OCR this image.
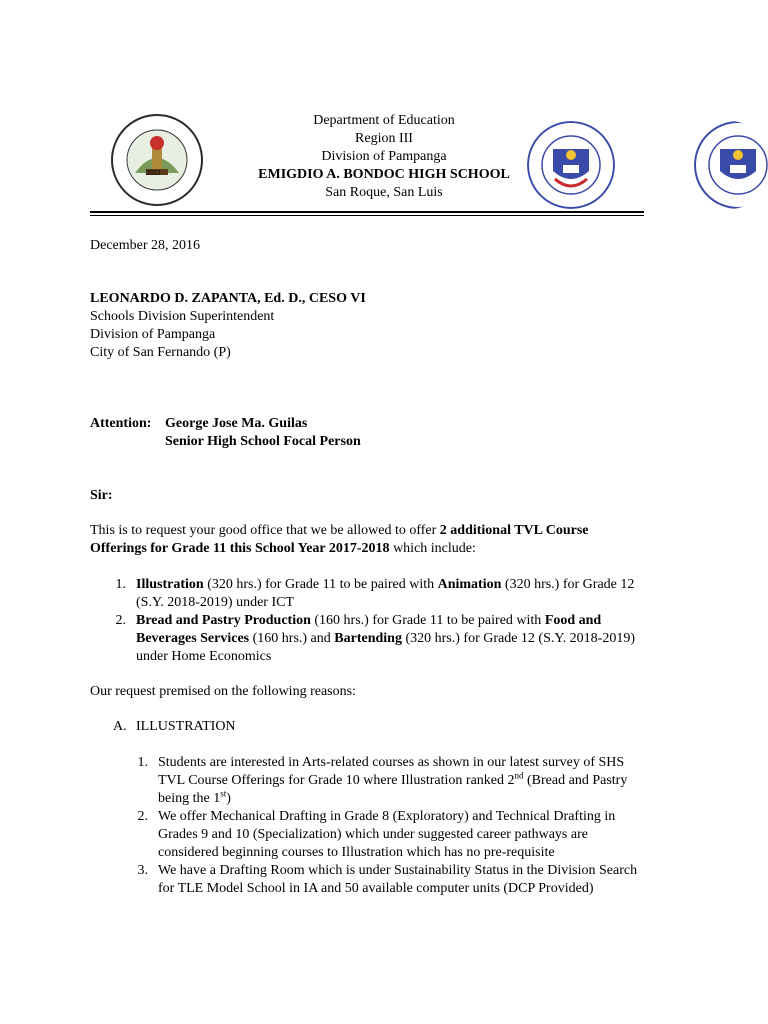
2011
Department of Education
Region III
Division of Pampanga
EMIGDIO A. BONDOC HIGH SCHOOL
San Roque, San Luis
December 28, 2016
LEONARDO D. ZAPANTA, Ed. D., CESO VI
Schools Division Superintendent
Division of Pampanga
City of San Fernando (P)
Attention: George Jose Ma. Guilas
Senior High School Focal Person
Sir:
This is to request your good office that we be allowed to offer 2 additional TVL Course
Offerings for Grade 11 this School Year 2017-2018 which include:
1. Illustration (320 hrs.) for Grade 11 to be paired with Animation (320 hrs.) for Grade 12
(S.Y. 2018-2019) under ICT
2. Bread and Pastry Production (160 hrs.) for Grade 11 to be paired with Food and
Beverages Services (160 hrs.) and Bartending (320 hrs.) for Grade 12 (S.Y. 2018-2019)
under Home Economics
Our request premised on the following reasons:
A. ILLUSTRATION
1. Students are interested in Arts-related courses as shown in our latest survey of SHS
TVL Course Offerings for Grade 10 where Illustration ranked 2nd (Bread and Pastry
being the 1st)
2. We offer Mechanical Drafting in Grade 8 (Exploratory) and Technical Drafting in
Grades 9 and 10 (Specialization) which under suggested career pathways are
considered beginning courses to Illustration which has no pre-requisite
3. We have a Drafting Room which is under Sustainability Status in the Division Search
for TLE Model School in IA and 50 available computer units (DCP Provided)
